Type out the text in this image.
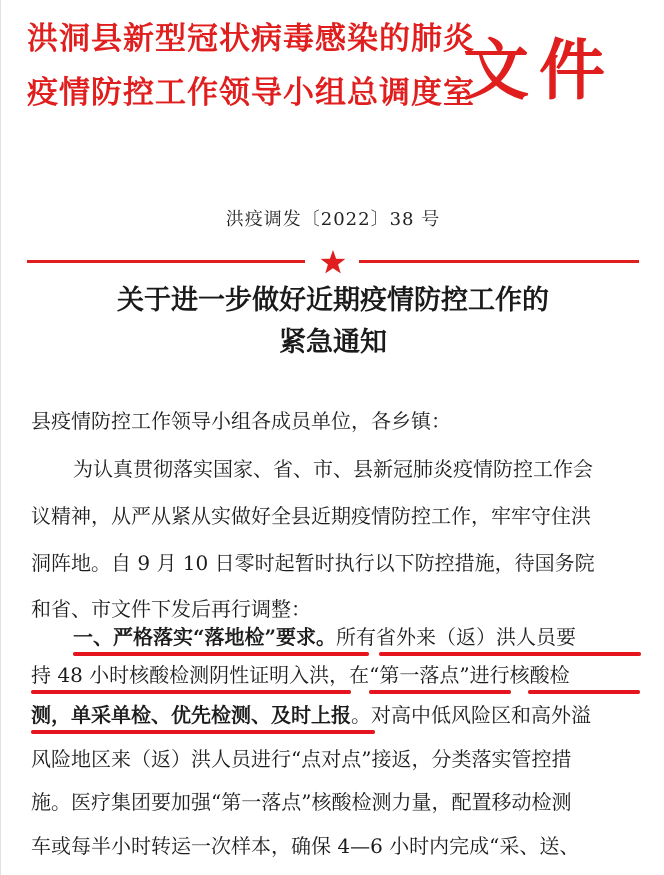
洪洞县新型冠状病毒感染的肺炎
疫情防控工作领导小组总调度室
文件
洪疫调发〔2022〕38 号
关于进一步做好近期疫情防控工作的
紧急通知
县疫情防控工作领导小组各成员单位，各乡镇：
为认真贯彻落实国家、省、市、县新冠肺炎疫情防控工作会
议精神，从严从紧从实做好全县近期疫情防控工作，牢牢守住洪
洞阵地。自 9 月 10 日零时起暂时执行以下防控措施，待国务院
和省、市文件下发后再行调整：
一、严格落实“落地检”要求。所有省外来（返）洪人员要
持 48 小时核酸检测阴性证明入洪，在“第一落点”进行核酸检
测，单采单检、优先检测、及时上报。对高中低风险区和高外溢
风险地区来（返）洪人员进行“点对点”接返，分类落实管控措
施。医疗集团要加强“第一落点”核酸检测力量，配置移动检测
车或每半小时转运一次样本，确保 4—6 小时内完成“采、送、
